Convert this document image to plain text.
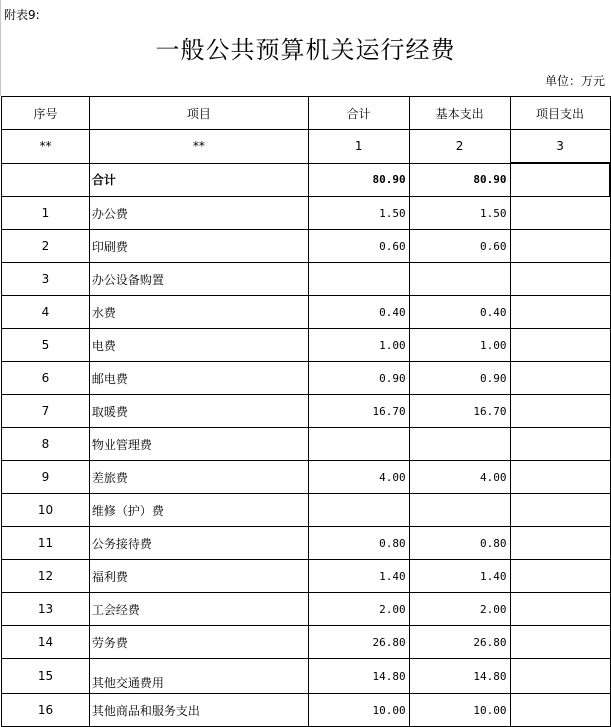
附表9:
一般公共预算机关运行经费
单位：万元
序号	项目	合计	基本支出	项目支出
**	**	1	2	3
	合计	80.90	80.90	
1	办公费	1.50	1.50	
2	印刷费	0.60	0.60	
3	办公设备购置			
4	水费	0.40	0.40	
5	电费	1.00	1.00	
6	邮电费	0.90	0.90	
7	取暖费	16.70	16.70	
8	物业管理费			
9	差旅费	4.00	4.00	
10	维修（护）费			
11	公务接待费	0.80	0.80	
12	福利费	1.40	1.40	
13	工会经费	2.00	2.00	
14	劳务费	26.80	26.80	
15	其他交通费用	14.80	14.80	
16	其他商品和服务支出	10.00	10.00	
